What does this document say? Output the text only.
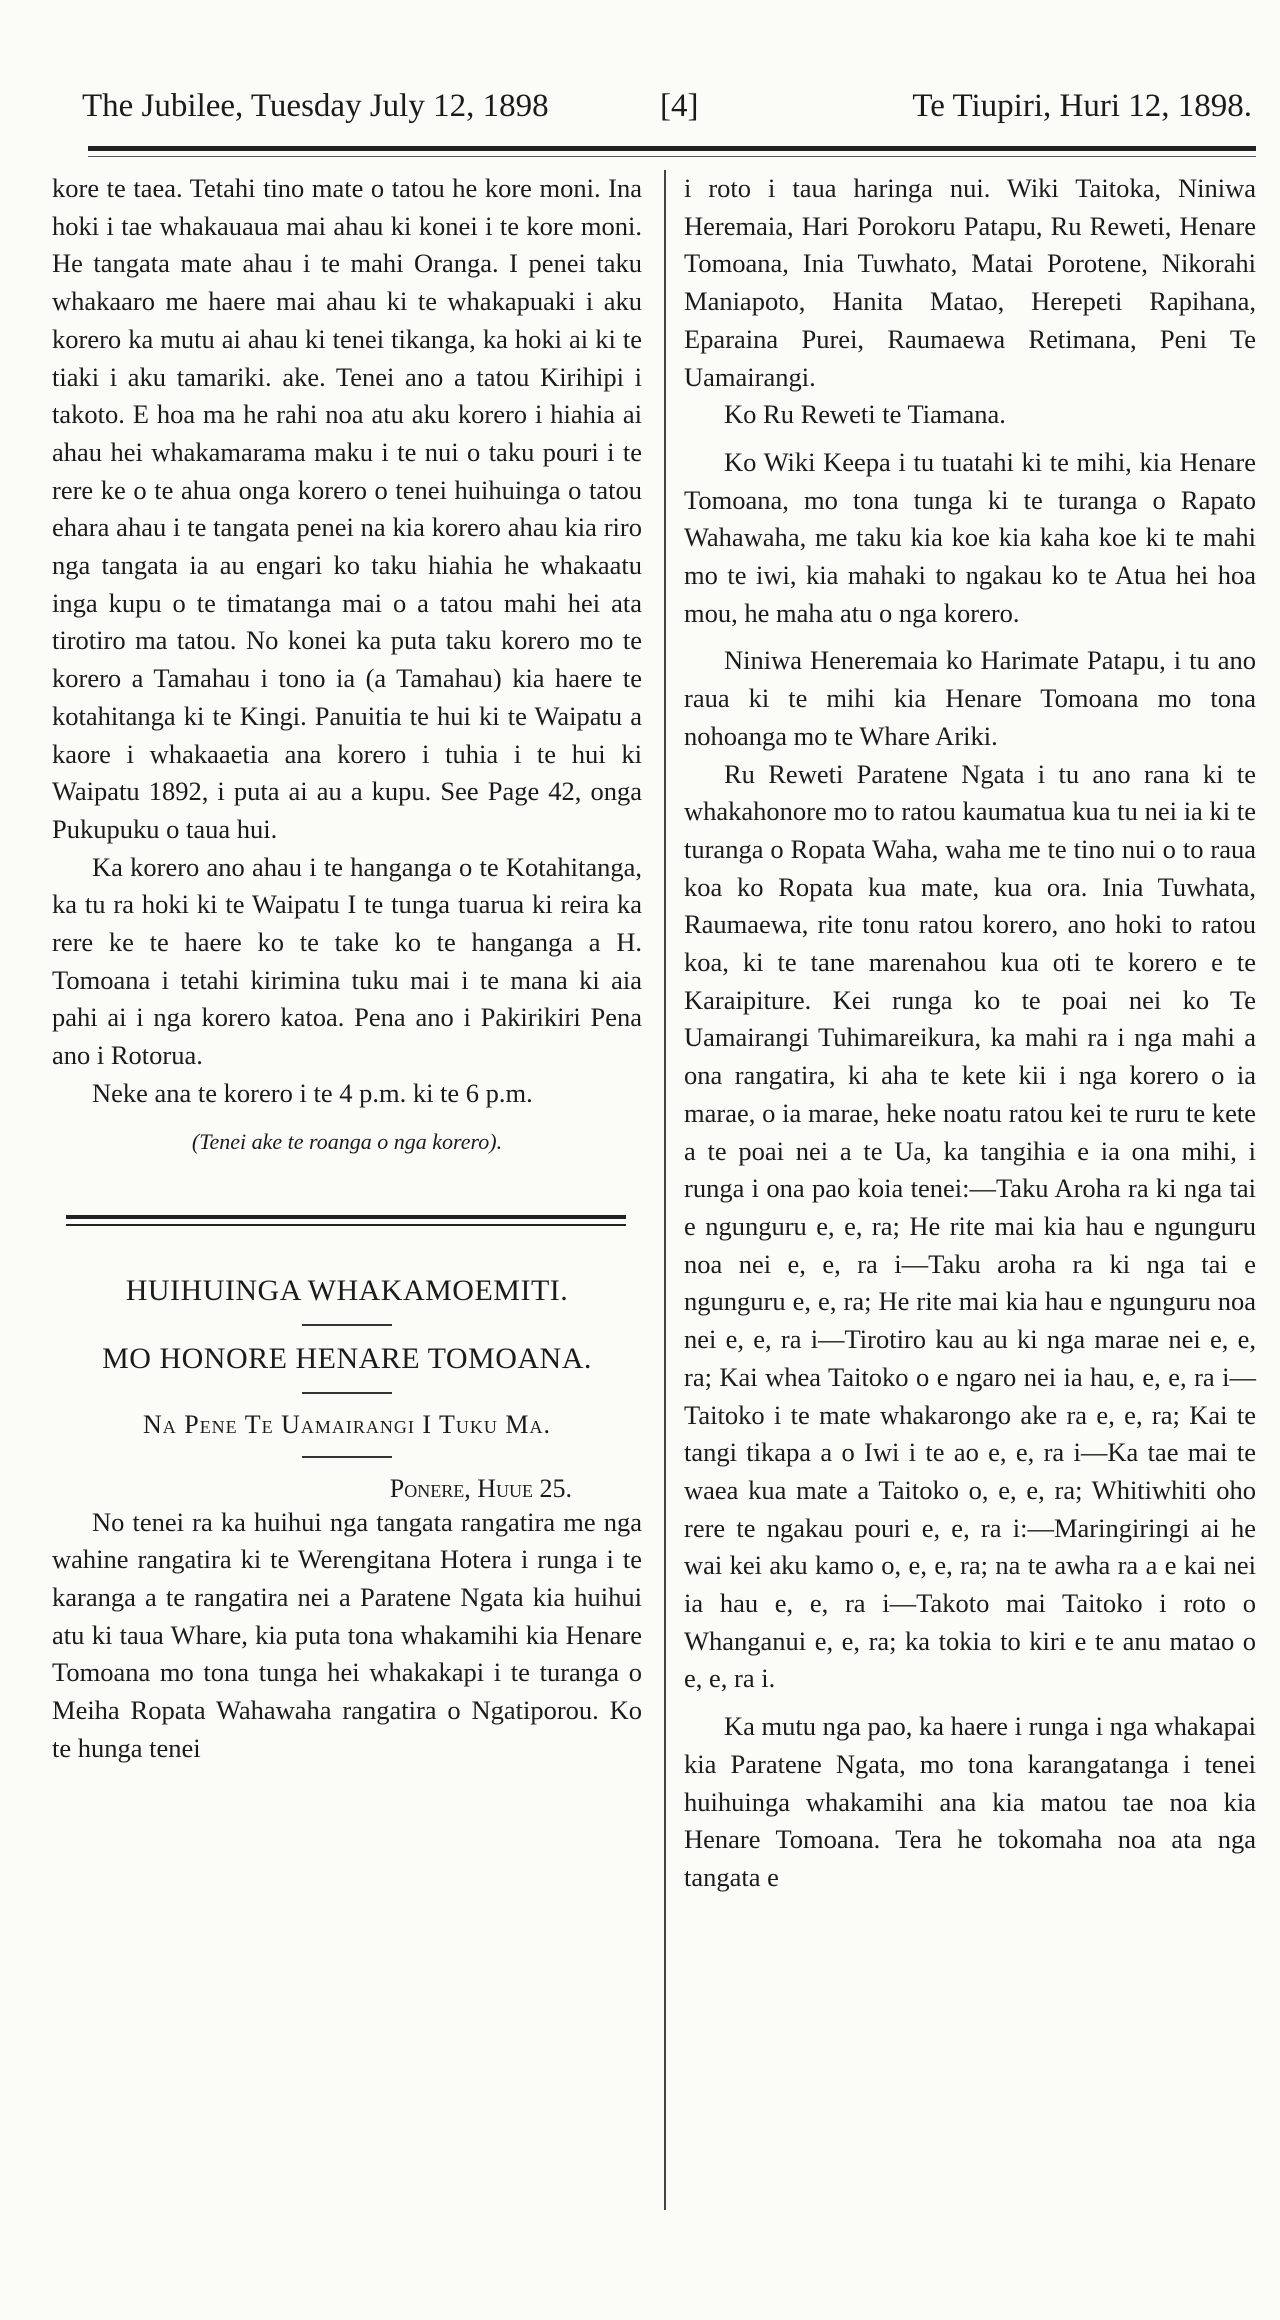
The Jubilee, Tuesday July 12, 1898	[4]	Te Tiupiri, Huri 12, 1898.

kore te taea. Tetahi tino mate o tatou he kore moni. Ina hoki i tae whakauaua mai ahau ki konei i te kore moni. He tangata mate ahau i te mahi Oranga. I penei taku whakaaro me haere mai ahau ki te whakapuaki i aku korero ka mutu ai ahau ki tenei tikanga, ka hoki ai ki te tiaki i aku tamariki. ake. Tenei ano a tatou Kirihipi i takoto. E hoa ma he rahi noa atu aku korero i hiahia ai ahau hei whakamarama maku i te nui o taku pouri i te rere ke o te ahua onga korero o tenei huihuinga o tatou ehara ahau i te tangata penei na kia korero ahau kia riro nga tangata ia au engari ko taku hiahia he whakaatu inga kupu o te timatanga mai o a tatou mahi hei ata tirotiro ma tatou. No konei ka puta taku korero mo te korero a Tamahau i tono ia (a Tamahau) kia haere te kotahitanga ki te Kingi. Panuitia te hui ki te Waipatu a kaore i whakaaetia ana korero i tuhia i te hui ki Waipatu 1892, i puta ai au a kupu. See Page 42, onga Pukupuku o taua hui.

Ka korero ano ahau i te hanganga o te Kotahitanga, ka tu ra hoki ki te Waipatu I te tunga tuarua ki reira ka rere ke te haere ko te take ko te hanganga a H. Tomoana i tetahi kirimina tuku mai i te mana ki aia pahi ai i nga korero katoa. Pena ano i Pakirikiri Pena ano i Rotorua.

Neke ana te korero i te 4 p.m. ki te 6 p.m.

(Tenei ake te roanga o nga korero).

HUIHUINGA WHAKAMOEMITI.

MO HONORE HENARE TOMOANA.

Na Pene Te Uamairangi I Tuku Ma.

Ponere, Huue 25.

No tenei ra ka huihui nga tangata rangatira me nga wahine rangatira ki te Werengitana Hotera i runga i te karanga a te rangatira nei a Paratene Ngata kia huihui atu ki taua Whare, kia puta tona whakamihi kia Henare Tomoana mo tona tunga hei whakakapi i te turanga o Meiha Ropata Wahawaha rangatira o Ngatiporou. Ko te hunga tenei

i roto i taua haringa nui. Wiki Taitoka, Niniwa Heremaia, Hari Porokoru Patapu, Ru Reweti, Henare Tomoana, Inia Tuwhato, Matai Porotene, Nikorahi Maniapoto, Hanita Matao, Herepeti Rapihana, Eparaina Purei, Raumaewa Retimana, Peni Te Uamairangi.

Ko Ru Reweti te Tiamana.

Ko Wiki Keepa i tu tuatahi ki te mihi, kia Henare Tomoana, mo tona tunga ki te turanga o Rapato Wahawaha, me taku kia koe kia kaha koe ki te mahi mo te iwi, kia mahaki to ngakau ko te Atua hei hoa mou, he maha atu o nga korero.

Niniwa Heneremaia ko Harimate Patapu, i tu ano raua ki te mihi kia Henare Tomoana mo tona nohoanga mo te Whare Ariki.

Ru Reweti Paratene Ngata i tu ano rana ki te whakahonore mo to ratou kaumatua kua tu nei ia ki te turanga o Ropata Waha, waha me te tino nui o to raua koa ko Ropata kua mate, kua ora. Inia Tuwhata, Raumaewa, rite tonu ratou korero, ano hoki to ratou koa, ki te tane marenahou kua oti te korero e te Karaipiture. Kei runga ko te poai nei ko Te Uamairangi Tuhimareikura, ka mahi ra i nga mahi a ona rangatira, ki aha te kete kii i nga korero o ia marae, o ia marae, heke noatu ratou kei te ruru te kete a te poai nei a te Ua, ka tangihia e ia ona mihi, i runga i ona pao koia tenei:—Taku Aroha ra ki nga tai e ngunguru e, e, ra; He rite mai kia hau e ngunguru noa nei e, e, ra i—Taku aroha ra ki nga tai e ngunguru e, e, ra; He rite mai kia hau e ngunguru noa nei e, e, ra i—Tirotiro kau au ki nga marae nei e, e, ra; Kai whea Taitoko o e ngaro nei ia hau, e, e, ra i—Taitoko i te mate whakarongo ake ra e, e, ra; Kai te tangi tikapa a o Iwi i te ao e, e, ra i—Ka tae mai te waea kua mate a Taitoko o, e, e, ra; Whitiwhiti oho rere te ngakau pouri e, e, ra i:—Maringiringi ai he wai kei aku kamo o, e, e, ra; na te awha ra a e kai nei ia hau e, e, ra i—Takoto mai Taitoko i roto o Whanganui e, e, ra; ka tokia to kiri e te anu matao o e, e, ra i.

Ka mutu nga pao, ka haere i runga i nga whakapai kia Paratene Ngata, mo tona karangatanga i tenei huihuinga whakamihi ana kia matou tae noa kia Henare Tomoana. Tera he tokomaha noa ata nga tangata e
